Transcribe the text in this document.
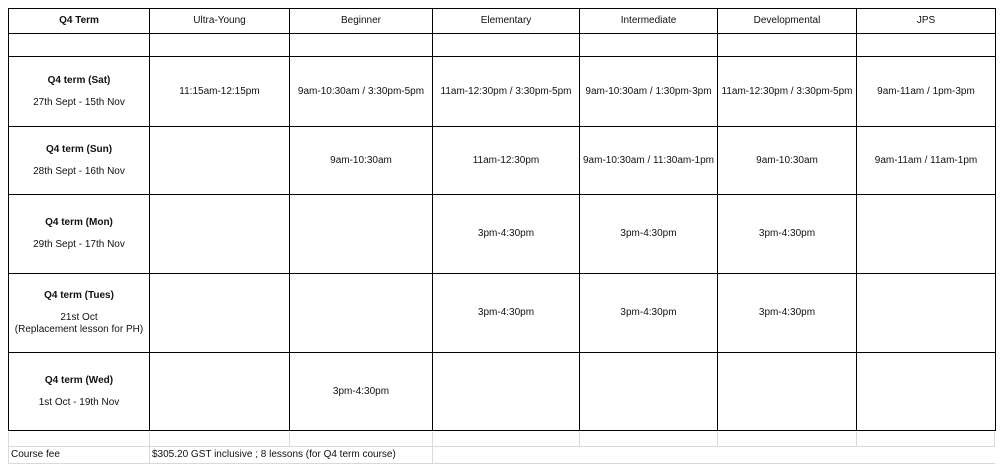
Q4 Term	Ultra-Young	Beginner	Elementary	Intermediate	Developmental	JPS

Q4 term (Sat)
27th Sept - 15th Nov	11:15am-12:15pm	9am-10:30am / 3:30pm-5pm	11am-12:30pm / 3:30pm-5pm	9am-10:30am / 1:30pm-3pm	11am-12:30pm / 3:30pm-5pm	9am-11am / 1pm-3pm

Q4 term (Sun)
28th Sept - 16th Nov		9am-10:30am	11am-12:30pm	9am-10:30am / 11:30am-1pm	9am-10:30am	9am-11am / 11am-1pm

Q4 term (Mon)
29th Sept - 17th Nov			3pm-4:30pm	3pm-4:30pm	3pm-4:30pm	

Q4 term (Tues)
21st Oct
(Replacement lesson for PH)			3pm-4:30pm	3pm-4:30pm	3pm-4:30pm	

Q4 term (Wed)
1st Oct - 19th Nov		3pm-4:30pm				
Course fee	$305.20 GST inclusive ; 8 lessons (for Q4 term course)
